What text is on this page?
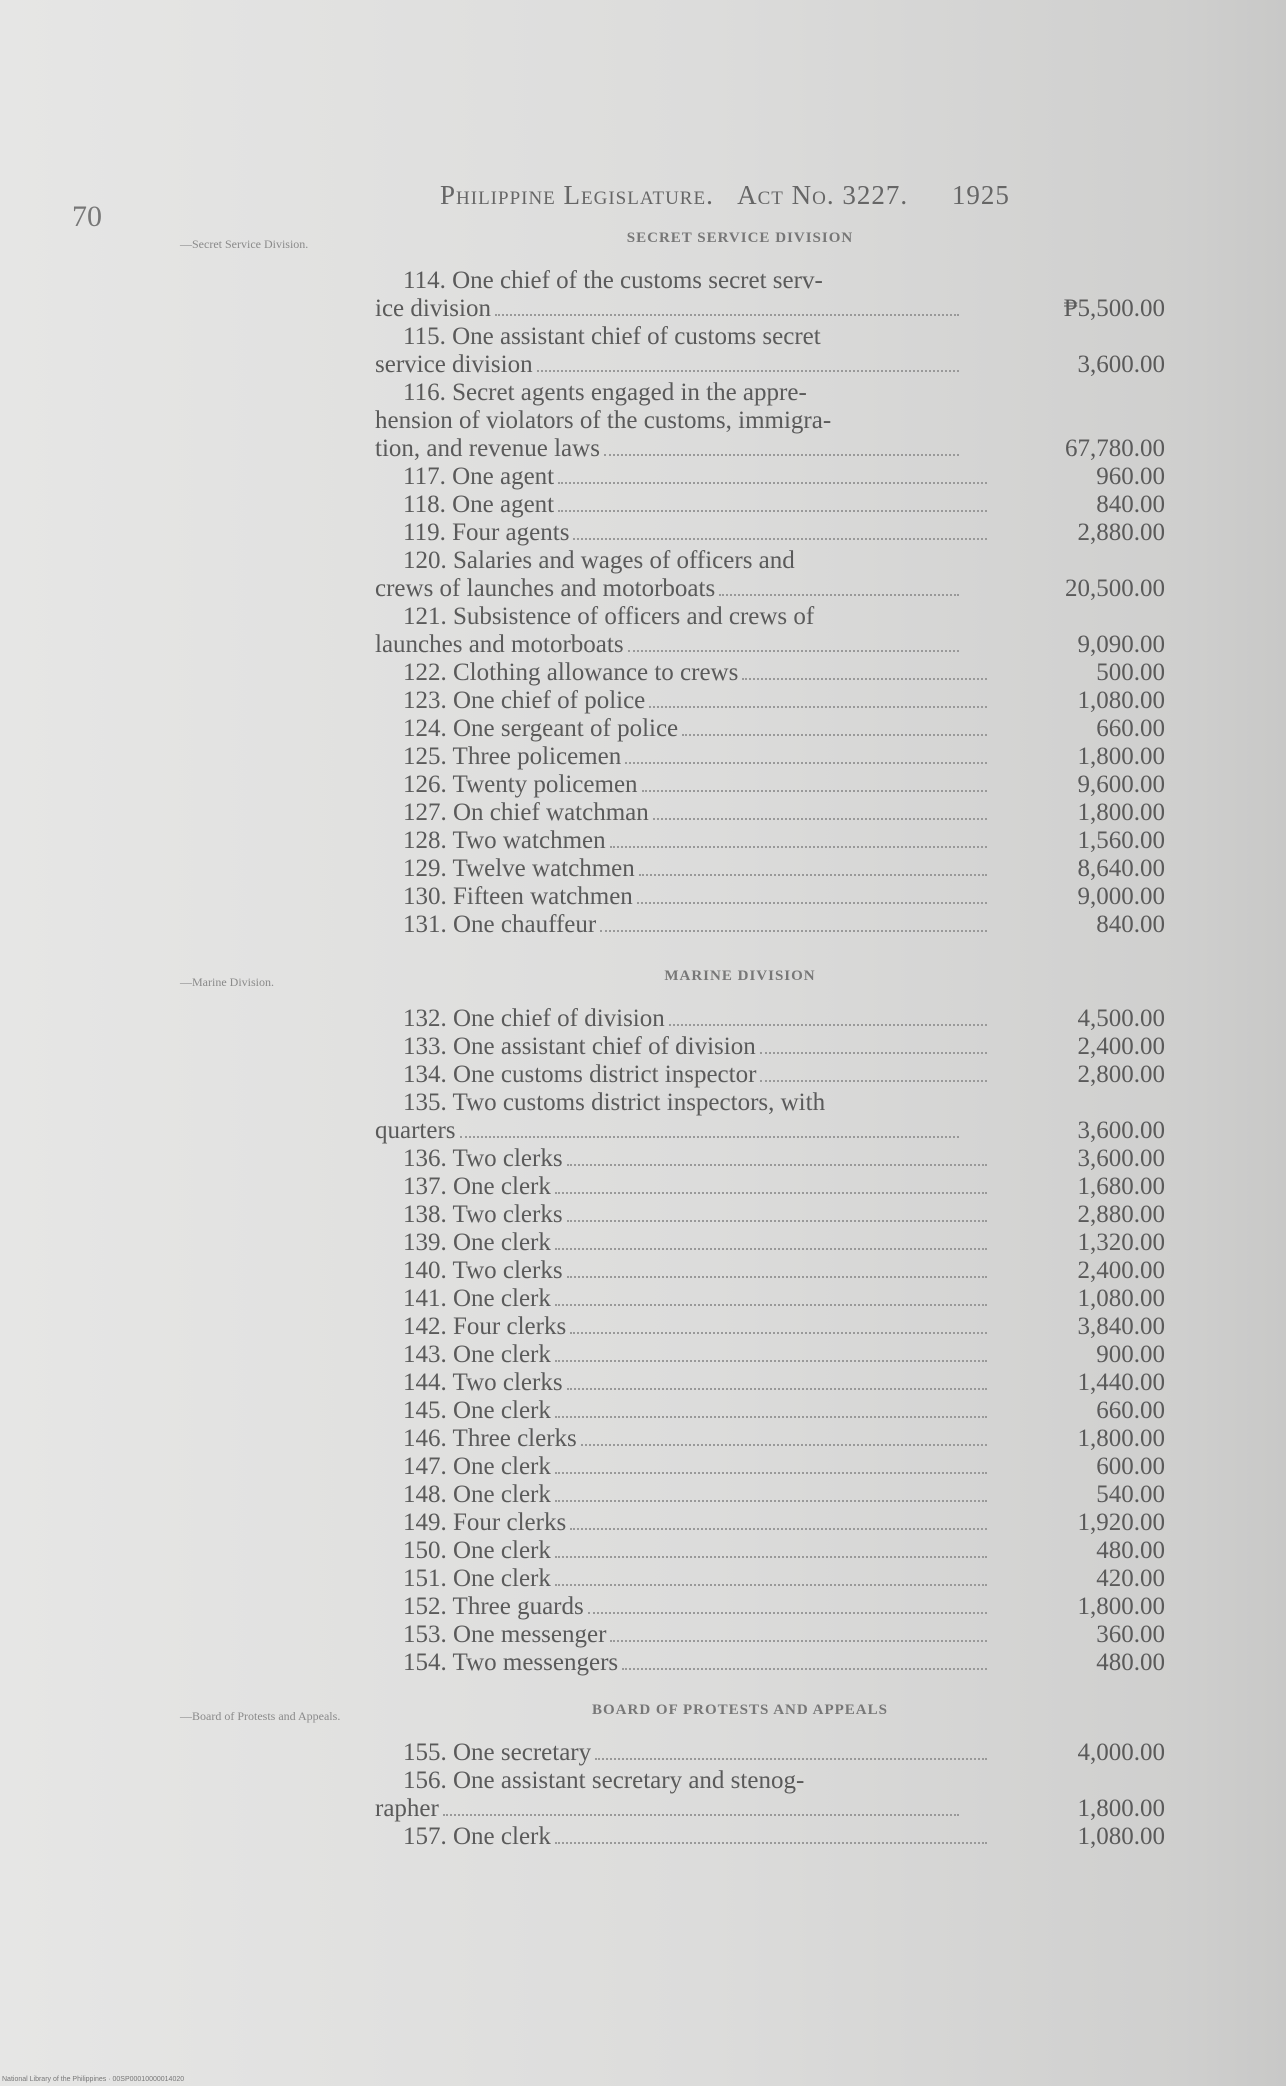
70
Philippine Legislature. Act No. 3227. 1925
SECRET SERVICE DIVISION
—Secret Service Division.
114. One chief of the customs secret serv-
ice division	₱5,500.00
115. One assistant chief of customs secret
service division	3,600.00
116. Secret agents engaged in the appre-
hension of violators of the customs, immigra-
tion, and revenue laws	67,780.00
117. One agent	960.00
118. One agent	840.00
119. Four agents	2,880.00
120. Salaries and wages of officers and
crews of launches and motorboats	20,500.00
121. Subsistence of officers and crews of
launches and motorboats	9,090.00
122. Clothing allowance to crews	500.00
123. One chief of police	1,080.00
124. One sergeant of police	660.00
125. Three policemen	1,800.00
126. Twenty policemen	9,600.00
127. On chief watchman	1,800.00
128. Two watchmen	1,560.00
129. Twelve watchmen	8,640.00
130. Fifteen watchmen	9,000.00
131. One chauffeur	840.00
MARINE DIVISION
—Marine Division.
132. One chief of division	4,500.00
133. One assistant chief of division	2,400.00
134. One customs district inspector	2,800.00
135. Two customs district inspectors, with
quarters	3,600.00
136. Two clerks	3,600.00
137. One clerk	1,680.00
138. Two clerks	2,880.00
139. One clerk	1,320.00
140. Two clerks	2,400.00
141. One clerk	1,080.00
142. Four clerks	3,840.00
143. One clerk	900.00
144. Two clerks	1,440.00
145. One clerk	660.00
146. Three clerks	1,800.00
147. One clerk	600.00
148. One clerk	540.00
149. Four clerks	1,920.00
150. One clerk	480.00
151. One clerk	420.00
152. Three guards	1,800.00
153. One messenger	360.00
154. Two messengers	480.00
BOARD OF PROTESTS AND APPEALS
—Board of Protests and Appeals.
155. One secretary	4,000.00
156. One assistant secretary and stenog-
rapher	1,800.00
157. One clerk	1,080.00
National Library of the Philippines · 00SP00010000014020
